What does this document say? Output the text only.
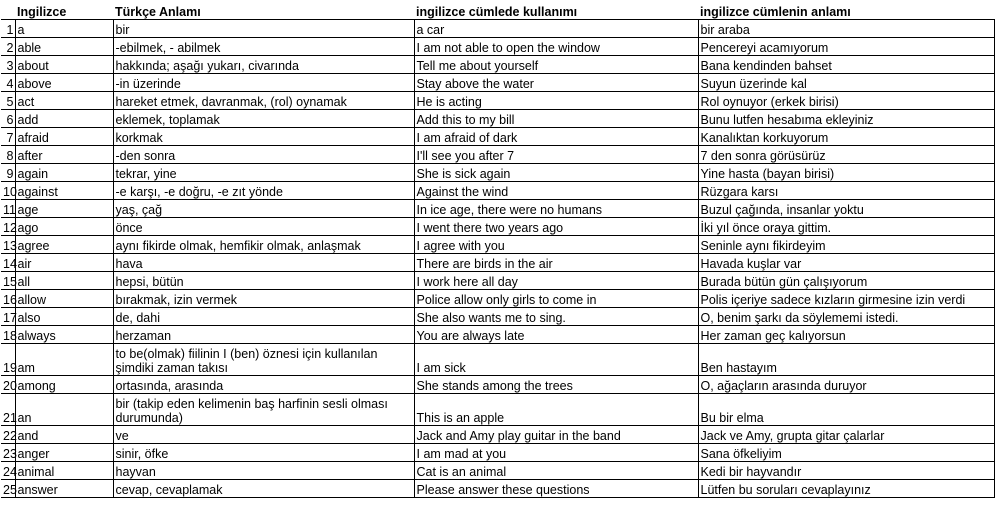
	Ingilizce	Türkçe Anlamı	ingilizce cümlede kullanımı	ingilizce cümlenin anlamı
1	a	bir	a car	bir araba
2	able	-ebilmek, - abilmek	I am not able to open the window	Pencereyi acamıyorum
3	about	hakkında; aşağı yukarı, civarında	Tell me about yourself	Bana kendinden bahset
4	above	-in üzerinde	Stay above the water	Suyun üzerinde kal
5	act	hareket etmek, davranmak, (rol) oynamak	He is acting	Rol oynuyor (erkek birisi)
6	add	eklemek, toplamak	Add this to my bill	Bunu lutfen hesabıma ekleyiniz
7	afraid	korkmak	I am afraid of dark	Kanalıktan korkuyorum
8	after	-den sonra	I'll see you after 7	7 den sonra görüsürüz
9	again	tekrar, yine	She is sick again	Yine hasta (bayan birisi)
10	against	-e karşı, -e doğru, -e zıt yönde	Against the wind	Rüzgara karsı
11	age	yaş, çağ	In ice age, there were no humans	Buzul çağında, insanlar yoktu
12	ago	önce	I went there two years ago	İki yıl önce oraya gittim.
13	agree	aynı fikirde olmak, hemfikir olmak, anlaşmak	I agree with you	Seninle aynı fikirdeyim
14	air	hava	There are birds in the air	Havada kuşlar var
15	all	hepsi, bütün	I work here all day	Burada bütün gün çalışıyorum
16	allow	bırakmak, izin vermek	Police allow only girls to come in	Polis içeriye sadece kızların girmesine izin verdi
17	also	de, dahi	She also wants me to sing.	O, benim şarkı da söylememi istedi.
18	always	herzaman	You are always late	Her zaman geç kalıyorsun
19	am	to be(olmak) fiilinin I (ben) öznesi için kullanılan şimdiki zaman takısı	I am sick	Ben hastayım
20	among	ortasında, arasında	She stands among the trees	O, ağaçların arasında duruyor
21	an	bir (takip eden kelimenin baş harfinin sesli olması durumunda)	This is an apple	Bu bir elma
22	and	ve	Jack and Amy play guitar in the band	Jack ve Amy, grupta gitar çalarlar
23	anger	sinir, öfke	I am mad at you	Sana öfkeliyim
24	animal	hayvan	Cat is an animal	Kedi bir hayvandır
25	answer	cevap, cevaplamak	Please answer these questions	Lütfen bu soruları cevaplayınız
